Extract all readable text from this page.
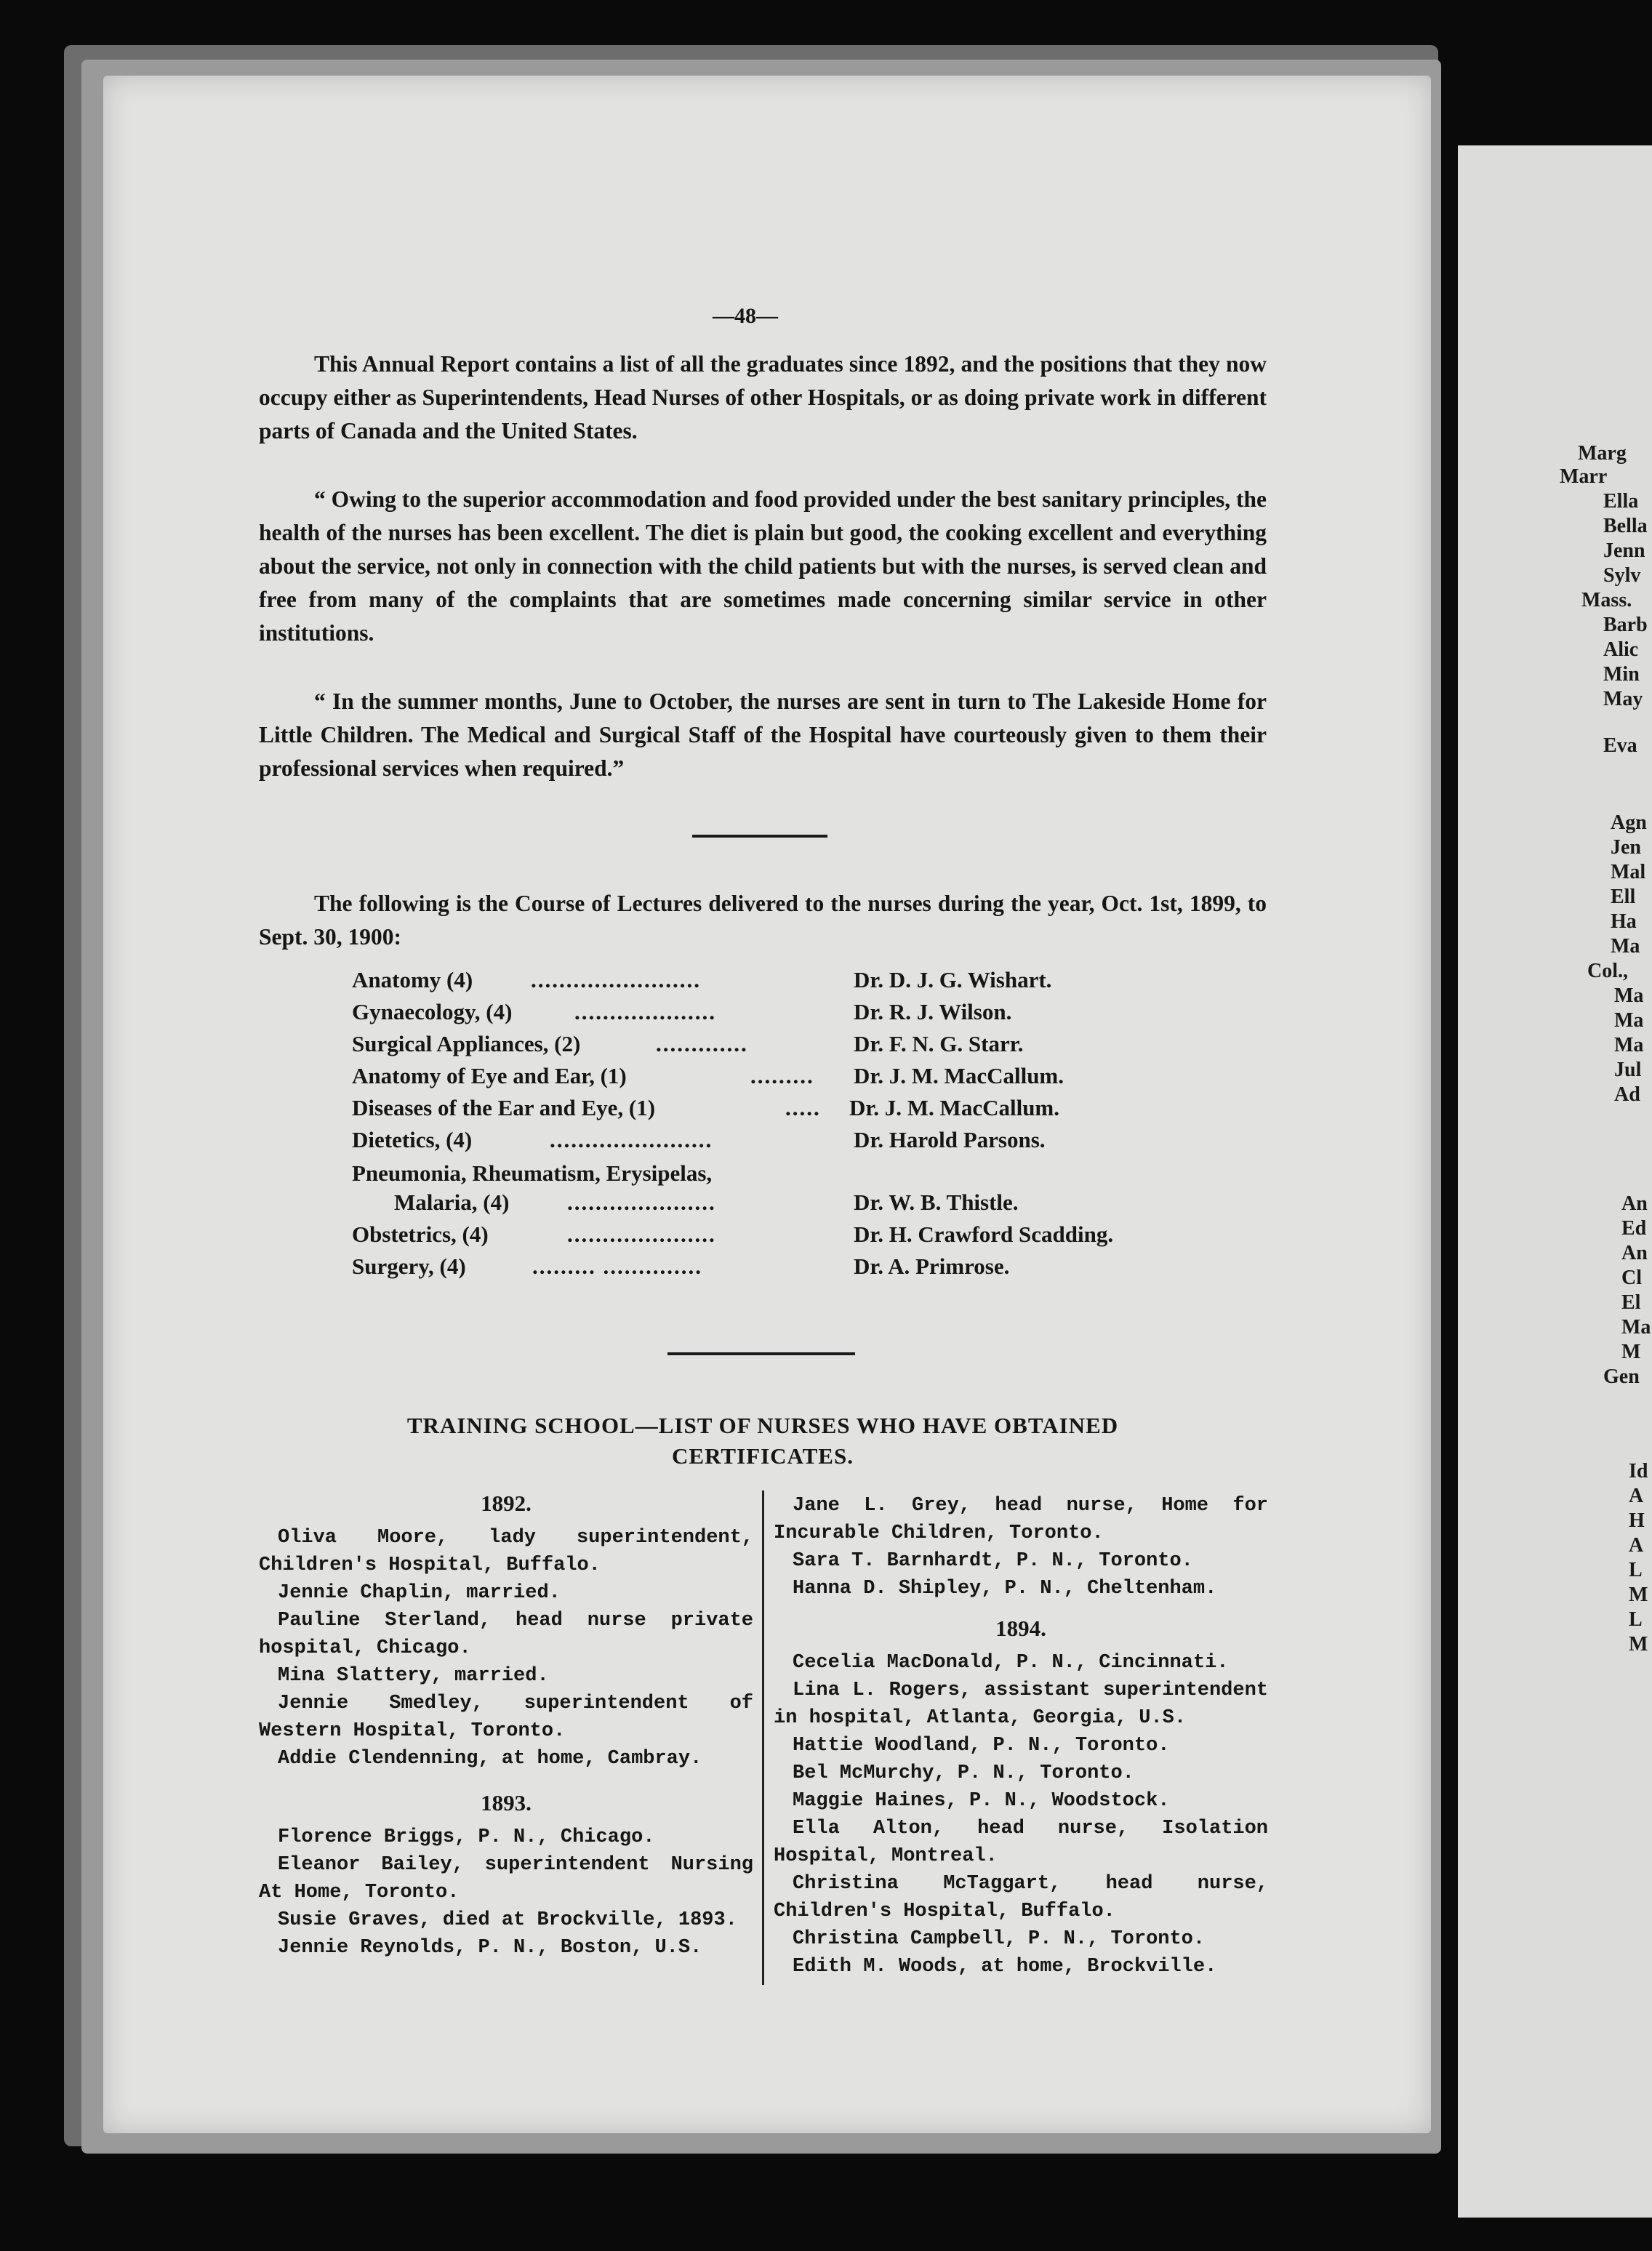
Marg
Marr
Ella
Bella
Jenn
Sylv
Mass.
Barb
Alic
Min
May
Eva
Agn
Jen
Mal
Ell
Ha
Ma
Col.,
Ma
Ma
Ma
Jul
Ad
An
Ed
An
Cl
El
Ma
M
Gen
Id
A
H
A
L
M
L
M
—48—

This Annual Report contains a list of all the graduates since 1892, and the positions that they now occupy either as Superintendents, Head Nurses of other Hospitals, or as doing private work in different parts of Canada and the United States.

“ Owing to the superior accommodation and food provided under the best sanitary principles, the health of the nurses has been excellent. The diet is plain but good, the cooking excellent and everything about the service, not only in connection with the child patients but with the nurses, is served clean and free from many of the complaints that are sometimes made concerning similar service in other institutions.

“ In the summer months, June to October, the nurses are sent in turn to The Lakeside Home for Little Children. The Medical and Surgical Staff of the Hospital have courteously given to them their professional services when required.”

The following is the Course of Lectures delivered to the nurses during the year, Oct. 1st, 1899, to Sept. 30, 1900:

Anatomy (4)	........................	Dr. D. J. G. Wishart.
Gynaecology, (4)	....................	Dr. R. J. Wilson.
Surgical Appliances, (2)	.............	Dr. F. N. G. Starr.
Anatomy of Eye and Ear, (1)	......... Dr. J. M. MacCallum.
Diseases of the Ear and Eye, (1)	..... Dr. J. M. MacCallum.
Dietetics, (4)	.......................	Dr. Harold Parsons.
Pneumonia, Rheumatism, Erysipelas,
Malaria, (4)	.....................	Dr. W. B. Thistle.
Obstetrics, (4)	.....................	Dr. H. Crawford Scadding.
Surgery, (4)	......... ..............	Dr. A. Primrose.
TRAINING SCHOOL—LIST OF NURSES WHO HAVE OBTAINED
CERTIFICATES.
1892.

Oliva Moore, lady superintendent, Children's Hospital, Buffalo.

Jennie Chaplin, married.

Pauline Sterland, head nurse private hospital, Chicago.

Mina Slattery, married.

Jennie Smedley, superintendent of Western Hospital, Toronto.

Addie Clendenning, at home, Cambray.

1893.

Florence Briggs, P. N., Chicago.

Eleanor Bailey, superintendent Nursing At Home, Toronto.

Susie Graves, died at Brockville, 1893.

Jennie Reynolds, P. N., Boston, U.S.

Jane L. Grey, head nurse, Home for Incurable Children, Toronto.

Sara T. Barnhardt, P. N., Toronto.

Hanna D. Shipley, P. N., Cheltenham.

1894.

Cecelia MacDonald, P. N., Cincinnati.

Lina L. Rogers, assistant superintendent in hospital, Atlanta, Georgia, U.S.

Hattie Woodland, P. N., Toronto.

Bel McMurchy, P. N., Toronto.

Maggie Haines, P. N., Woodstock.

Ella Alton, head nurse, Isolation Hospital, Montreal.

Christina McTaggart, head nurse, Children's Hospital, Buffalo.

Christina Campbell, P. N., Toronto.

Edith M. Woods, at home, Brockville.
